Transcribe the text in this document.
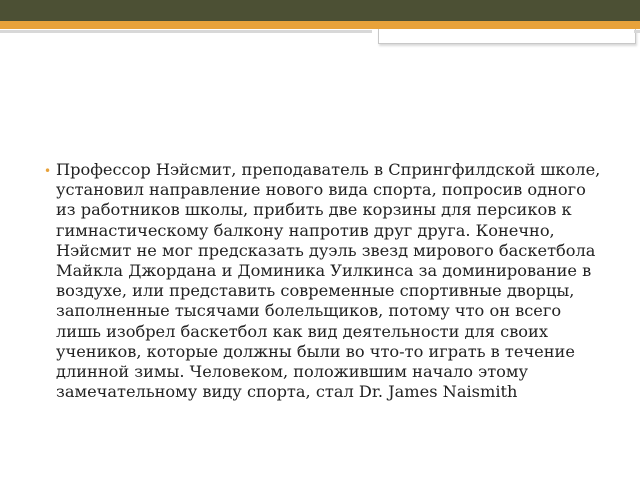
• Профессор Нэйсмит, преподаватель в Спрингфилдской школе, установил направление нового вида спорта, попросив одного из работников школы, прибить две корзины для персиков к гимнастическому балкону напротив друг друга. Конечно, Нэйсмит не мог предсказать дуэль звезд мирового баскетбола Майкла Джордана и Доминика Уилкинса за доминирование в воздухе, или представить современные спортивные дворцы, заполненные тысячами болельщиков, потому что он всего лишь изобрел баскетбол как вид деятельности для своих учеников, которые должны были во что-то играть в течение длинной зимы. Человеком, положившим начало этому замечательному виду спорта, стал Dr. James Naismith
